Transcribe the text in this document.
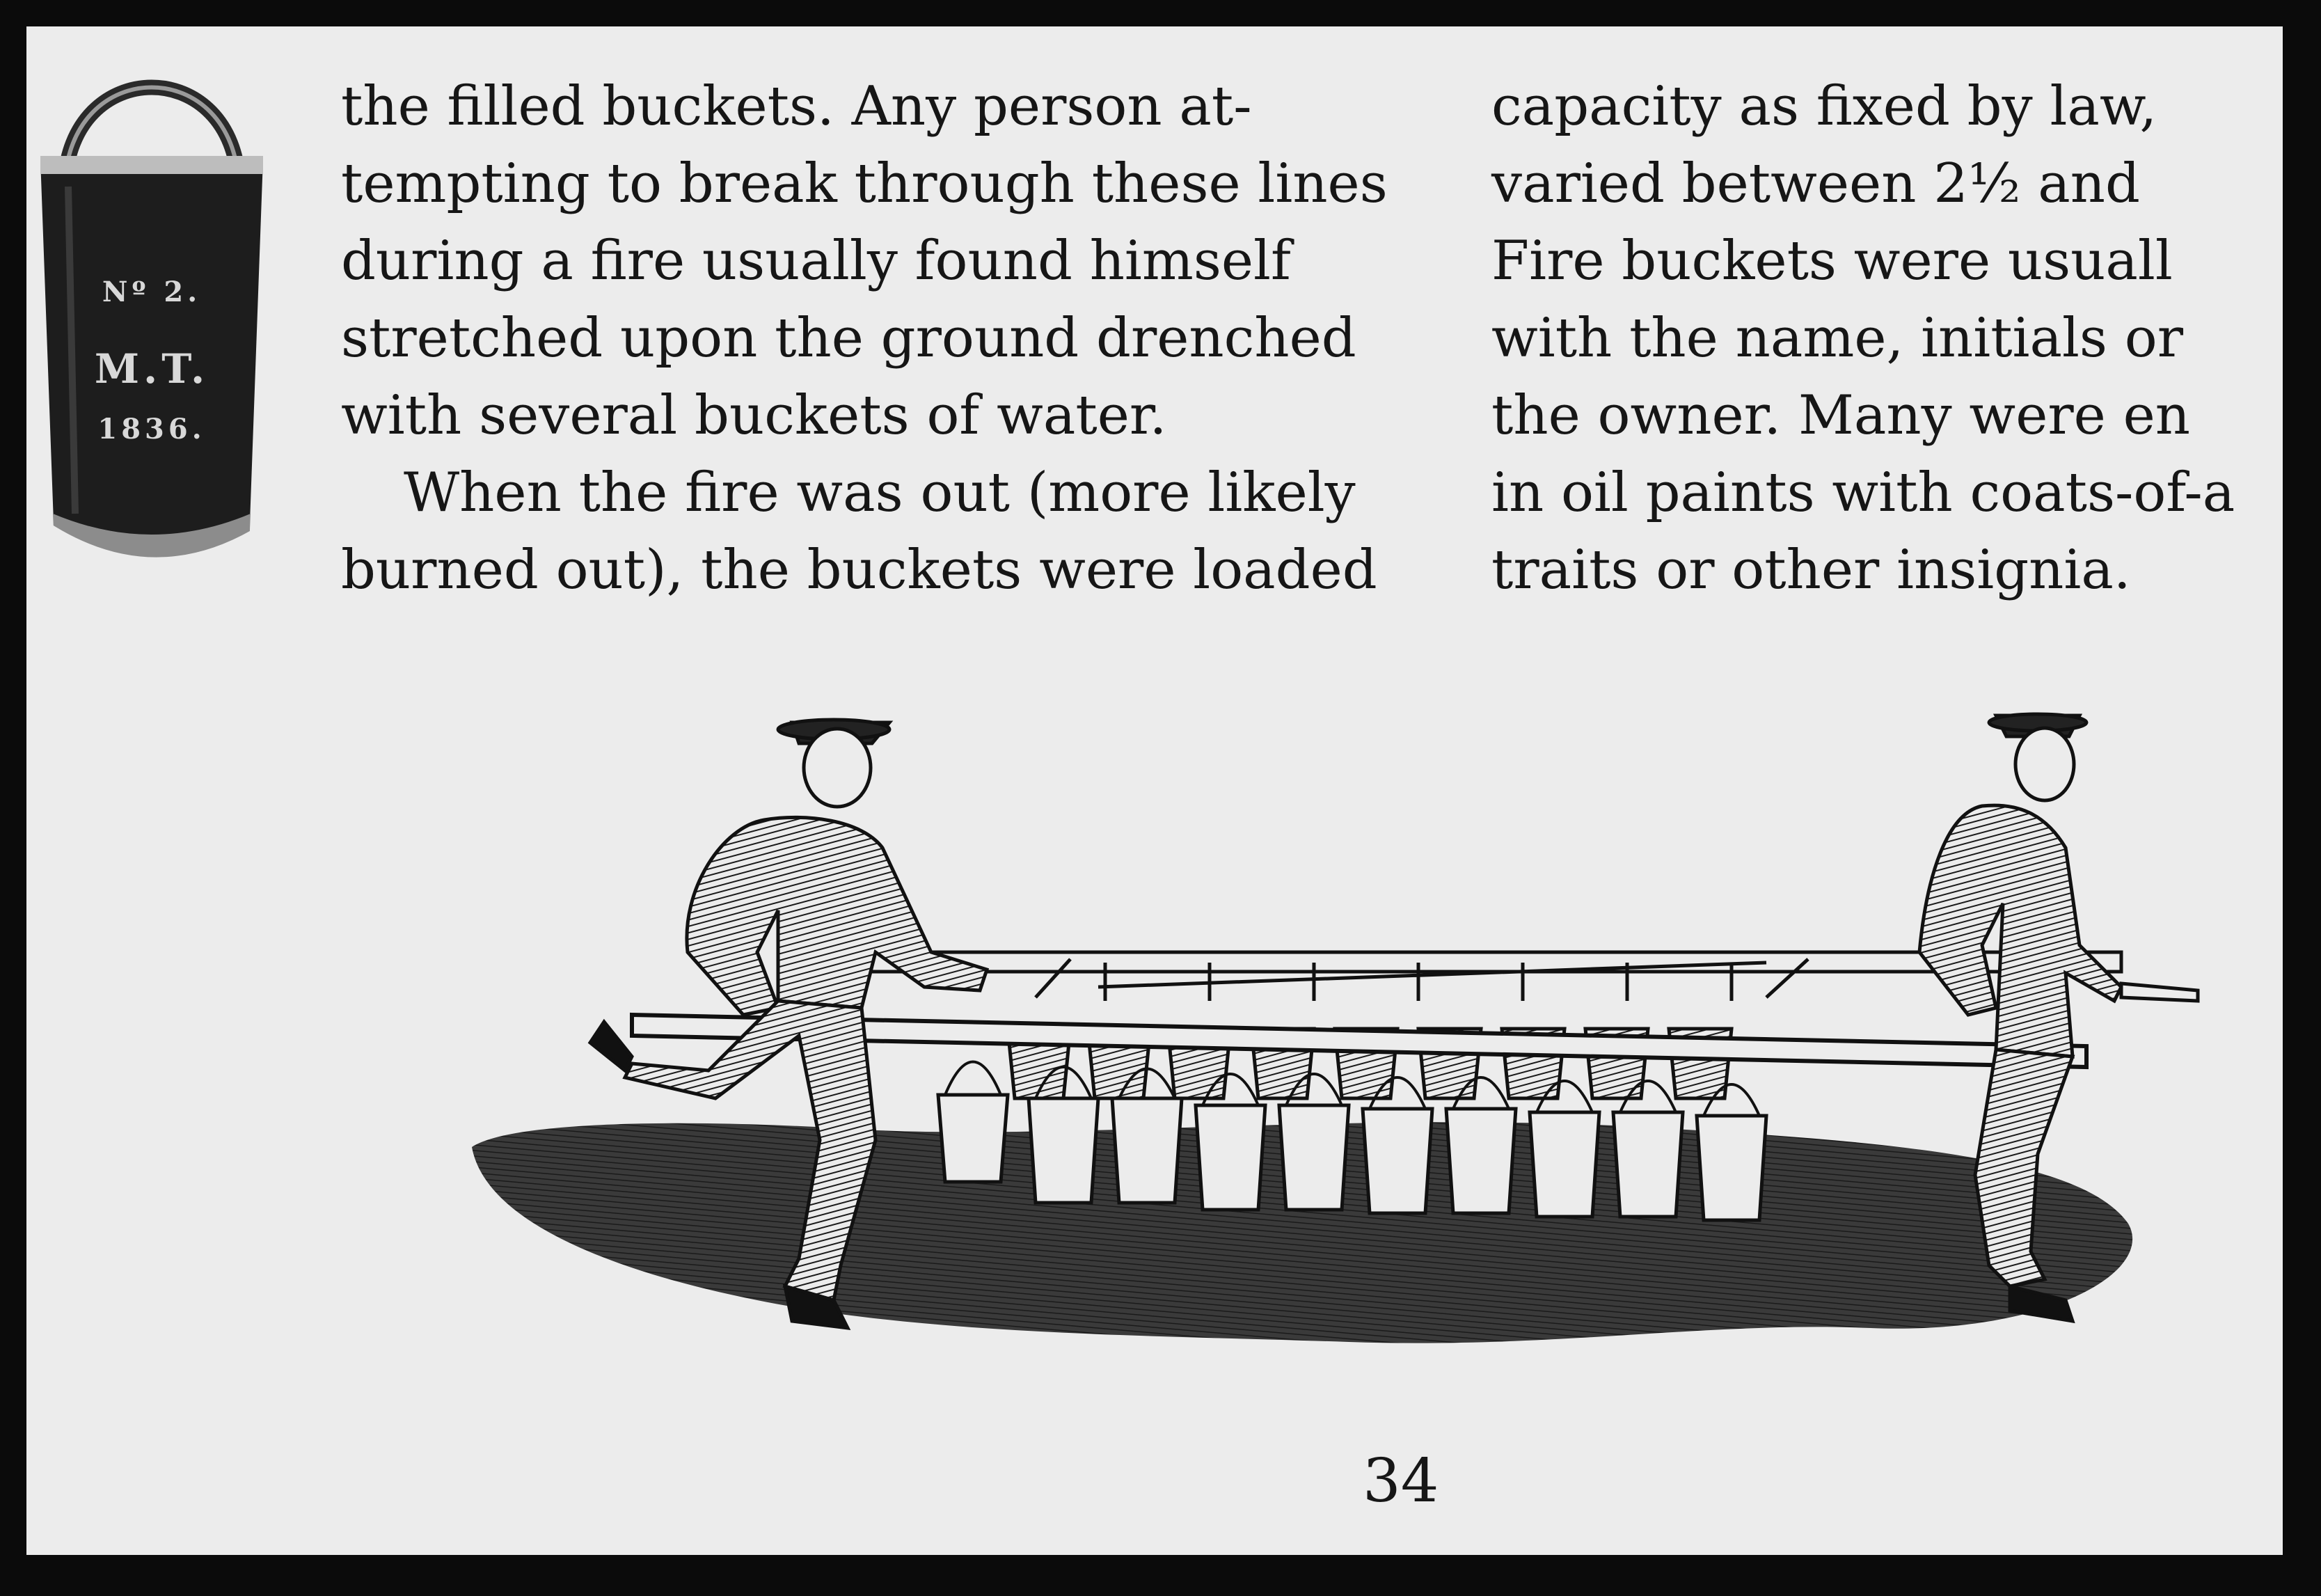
Nº 2.
M.T.
1836.
the filled buckets. Any person at-
tempting to break through these lines
during a fire usually found himself
stretched upon the ground drenched
with several buckets of water.
When the fire was out (more likely
burned out), the buckets were loaded
capacity as fixed by law,
varied between 2½ and
Fire buckets were usuall
with the name, initials or
the owner. Many were en
in oil paints with coats-of-a
traits or other insignia.
34
